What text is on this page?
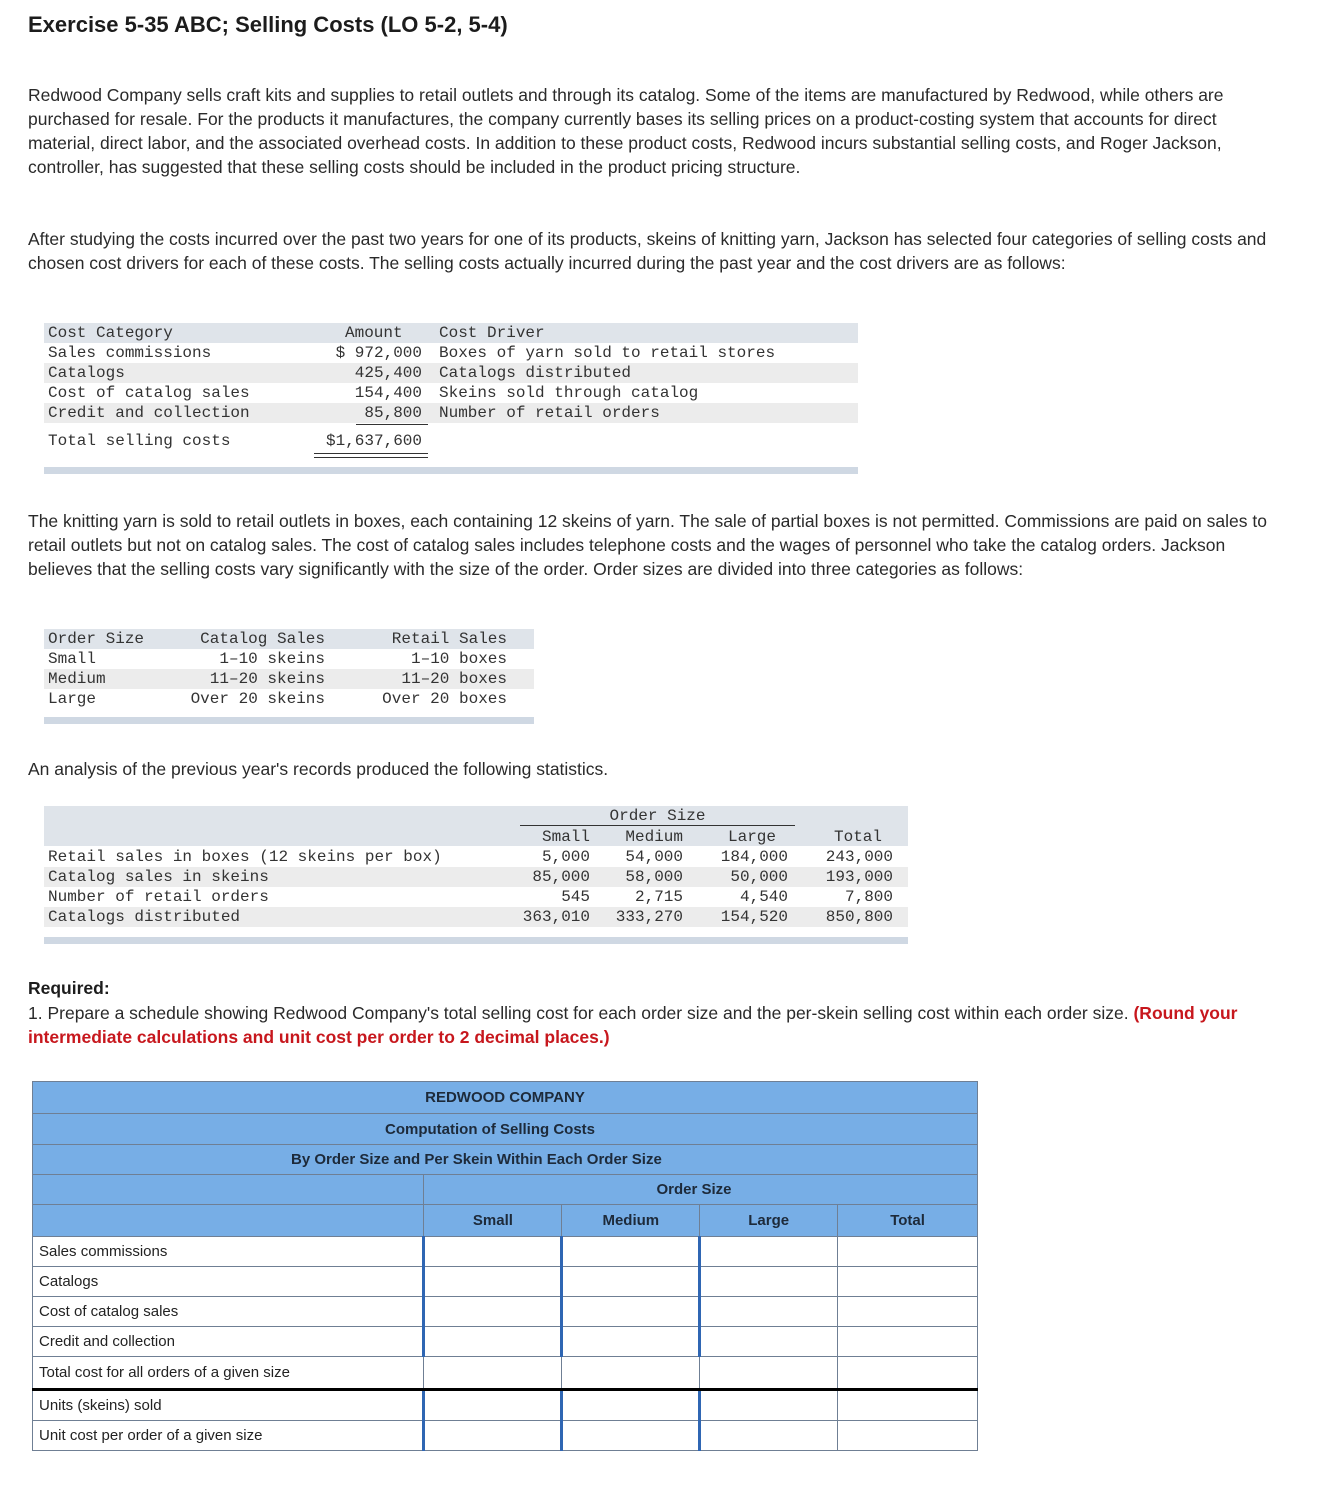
Exercise 5-35 ABC; Selling Costs (LO 5-2, 5-4)

Redwood Company sells craft kits and supplies to retail outlets and through its catalog. Some of the items are manufactured by Redwood, while others are purchased for resale. For the products it manufactures, the company currently bases its selling prices on a product-costing system that accounts for direct material, direct labor, and the associated overhead costs. In addition to these product costs, Redwood incurs substantial selling costs, and Roger Jackson, controller, has suggested that these selling costs should be included in the product pricing structure.

After studying the costs incurred over the past two years for one of its products, skeins of knitting yarn, Jackson has selected four categories of selling costs and chosen cost drivers for each of these costs. The selling costs actually incurred during the past year and the cost drivers are as follows:

Cost Category	Amount Cost Driver
Sales commissions	$ 972,000 Boxes of yarn sold to retail stores
Catalogs	425,400 Catalogs distributed
Cost of catalog sales	154,400 Skeins sold through catalog
Credit and collection	85,800 Number of retail orders
Total selling costs	$1,637,600

The knitting yarn is sold to retail outlets in boxes, each containing 12 skeins of yarn. The sale of partial boxes is not permitted. Commissions are paid on sales to retail outlets but not on catalog sales. The cost of catalog sales includes telephone costs and the wages of personnel who take the catalog orders. Jackson believes that the selling costs vary significantly with the size of the order. Order sizes are divided into three categories as follows:

Order Size	Catalog Sales	Retail Sales
Small	1–10 skeins	1–10 boxes
Medium	11–20 skeins	11–20 boxes
Large	Over 20 skeins	Over 20 boxes

An analysis of the previous year's records produced the following statistics.

Order Size
Small	Medium	Large	Total
Retail sales in boxes (12 skeins per box)	5,000	54,000	184,000	243,000
Catalog sales in skeins	85,000	58,000	50,000	193,000
Number of retail orders	545	2,715	4,540	7,800
Catalogs distributed	363,010	333,270	154,520	850,800
Required:

1. Prepare a schedule showing Redwood Company's total selling cost for each order size and the per-skein selling cost within each order size. (Round your intermediate calculations and unit cost per order to 2 decimal places.)

REDWOOD COMPANY				
Computation of Selling Costs				
By Order Size and Per Skein Within Each Order Size				
	Order Size			
	Small	Medium	Large	Total
Sales commissions				
Catalogs				
Cost of catalog sales				
Credit and collection				
Total cost for all orders of a given size				
Units (skeins) sold				
Unit cost per order of a given size				
